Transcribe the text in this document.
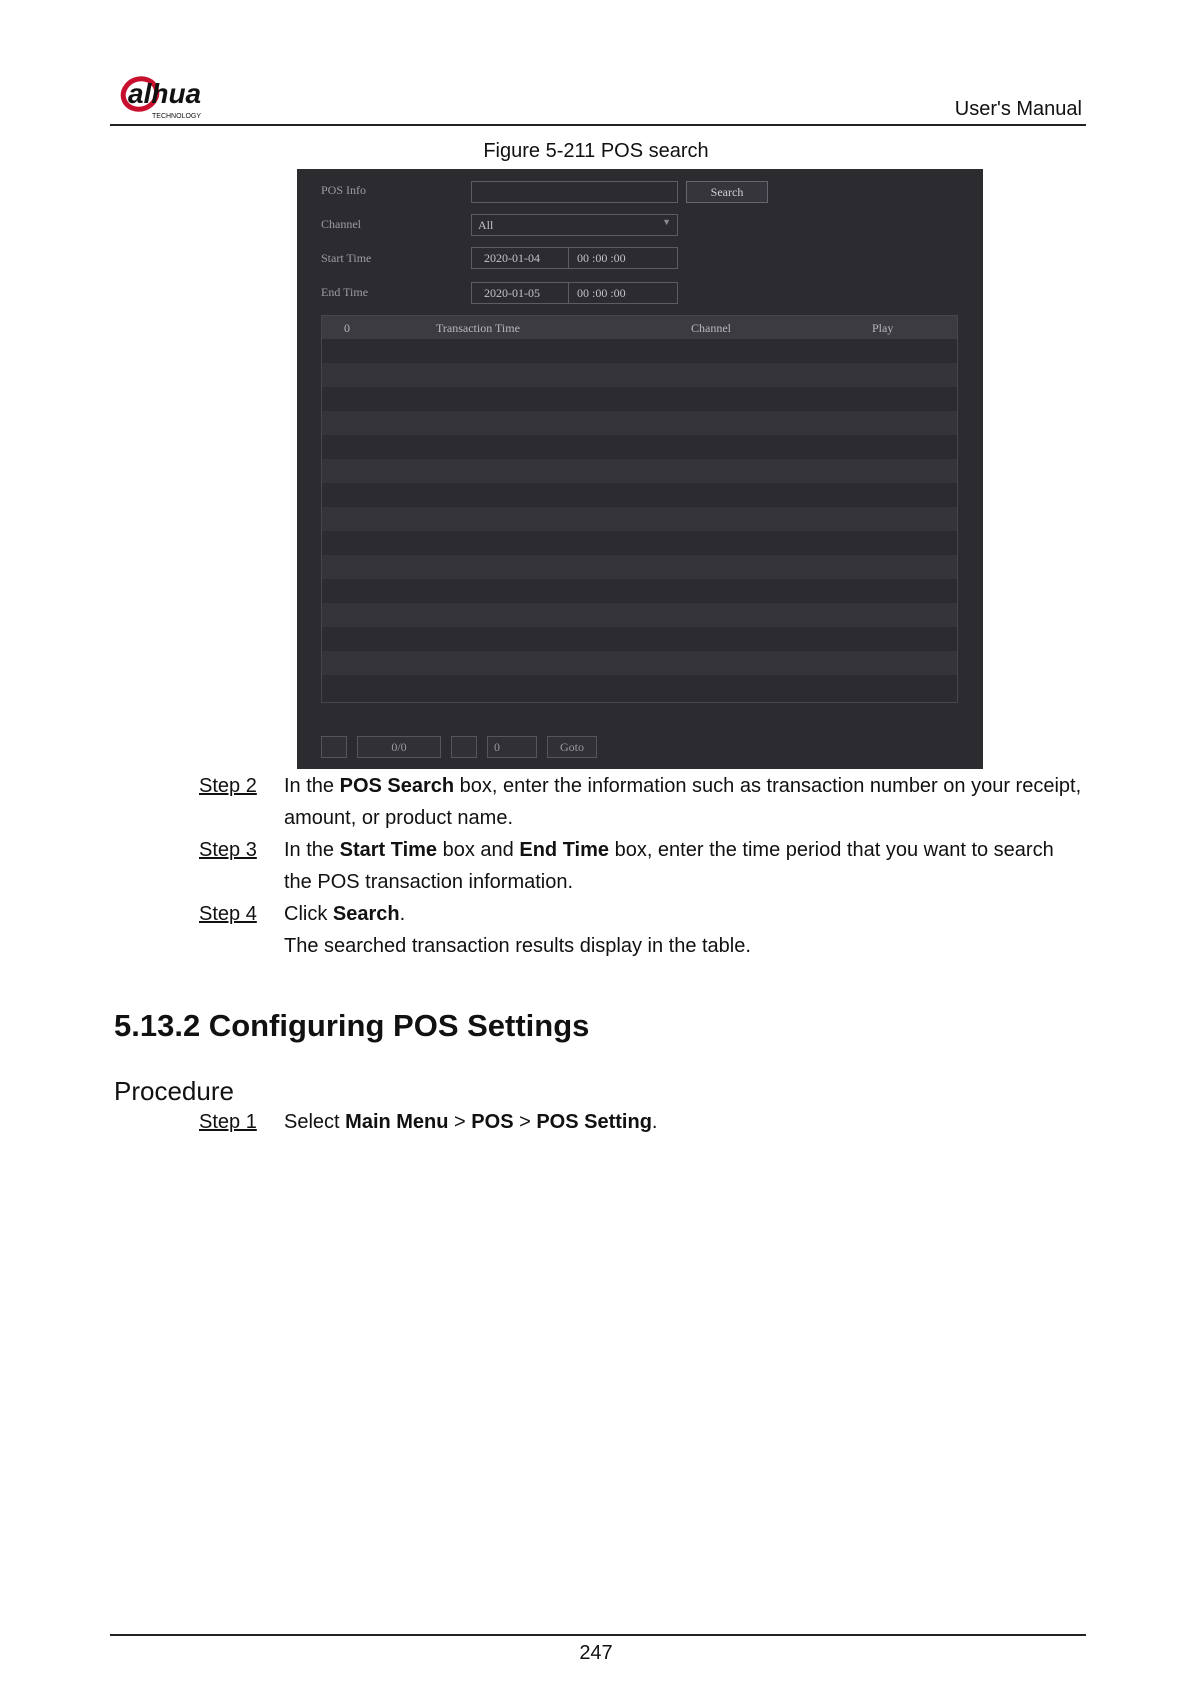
alhua
TECHNOLOGY	User's Manual
Figure 5-211 POS search
POS Info	Search
Channel	All	▼
Start Time	2020-01-04	00 :00 :00
End Time	2020-01-05	00 :00 :00
0	Transaction Time	Channel	Play
0/0	0	Goto
Step 2 In the POS Search box, enter the information such as transaction number on your receipt,
amount, or product name.
Step 3 In the Start Time box and End Time box, enter the time period that you want to search
the POS transaction information.
Step 4 Click Search.
The searched transaction results display in the table.
5.13.2 Configuring POS Settings
Procedure
Step 1 Select Main Menu > POS > POS Setting.
247
